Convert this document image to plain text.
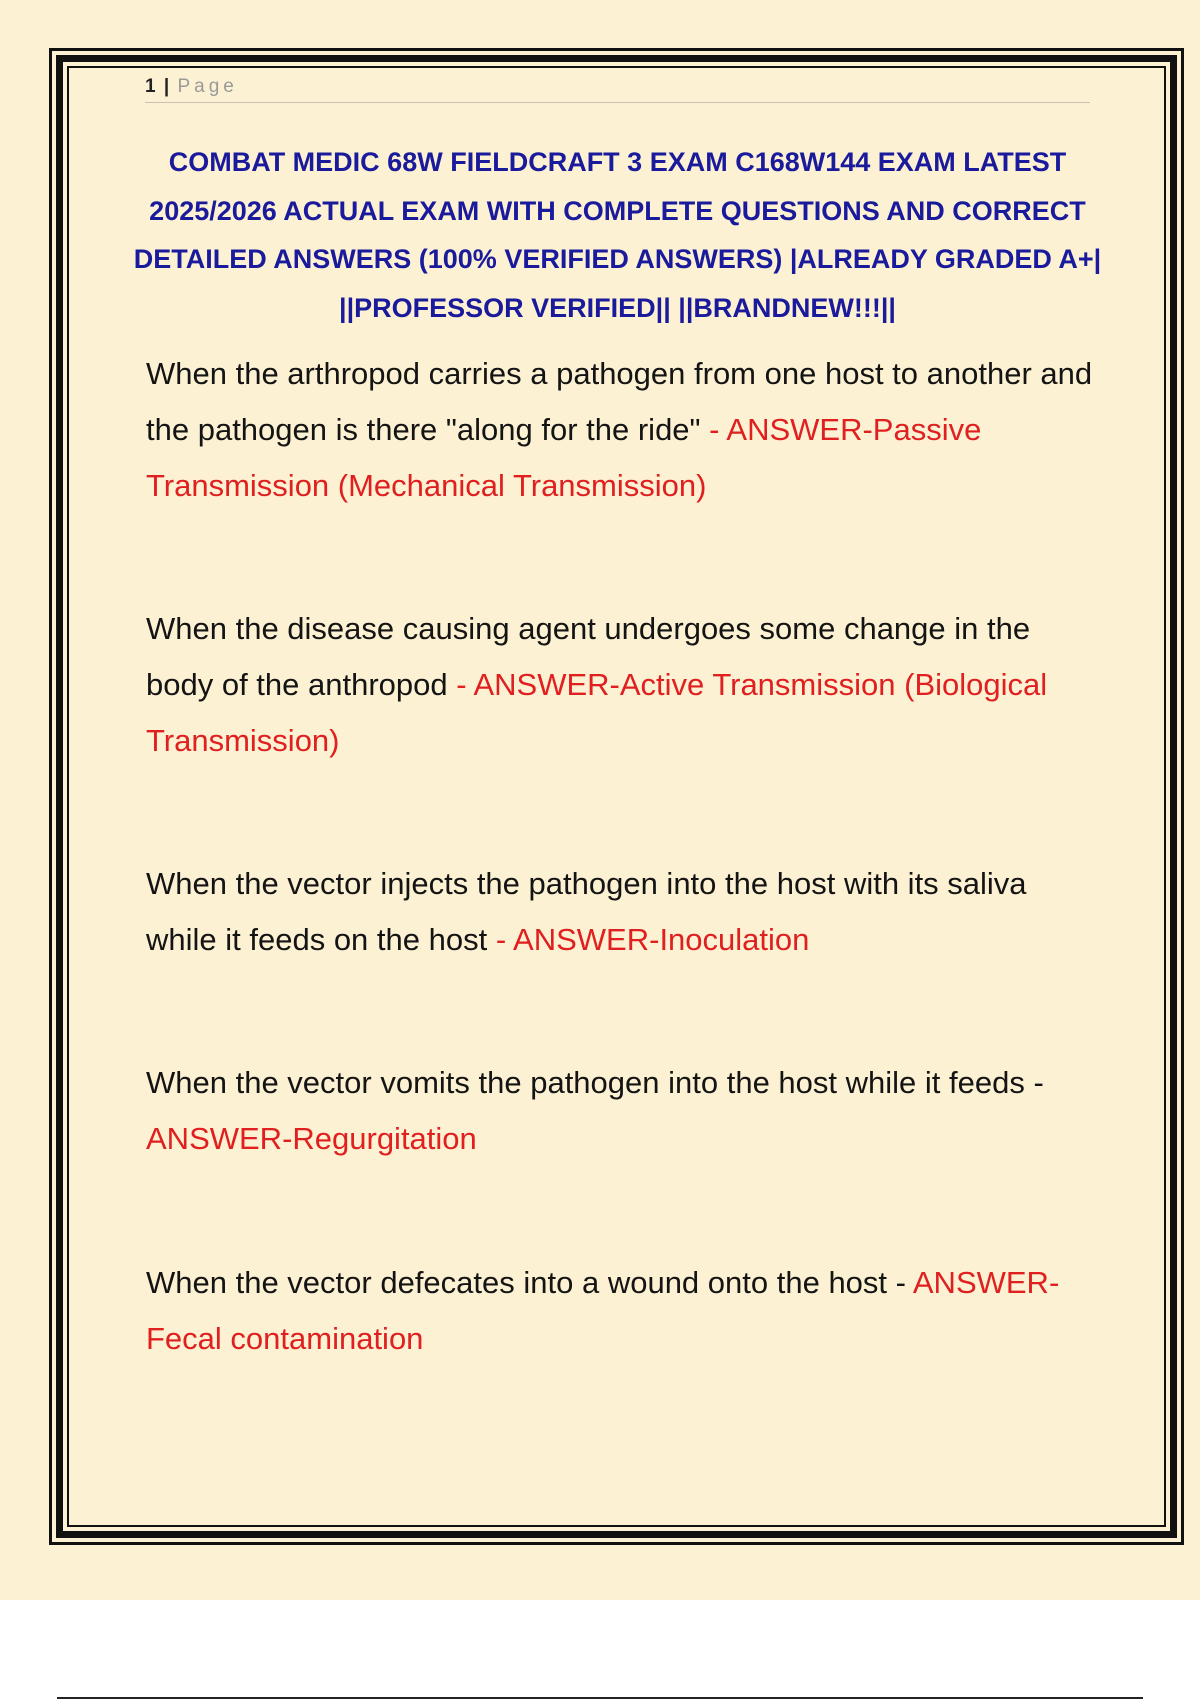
1 | Page
COMBAT MEDIC 68W FIELDCRAFT 3 EXAM C168W144 EXAM LATEST 2025/2026 ACTUAL EXAM WITH COMPLETE QUESTIONS AND CORRECT DETAILED ANSWERS (100% VERIFIED ANSWERS) |ALREADY GRADED A+| ||PROFESSOR VERIFIED|| ||BRANDNEW!!!||
When the arthropod carries a pathogen from one host to another and the pathogen is there "along for the ride" - ANSWER-Passive Transmission (Mechanical Transmission)
When the disease causing agent undergoes some change in the body of the anthropod - ANSWER-Active Transmission (Biological Transmission)
When the vector injects the pathogen into the host with its saliva while it feeds on the host - ANSWER-Inoculation
When the vector vomits the pathogen into the host while it feeds - ANSWER-Regurgitation
When the vector defecates into a wound onto the host - ANSWER-Fecal contamination
